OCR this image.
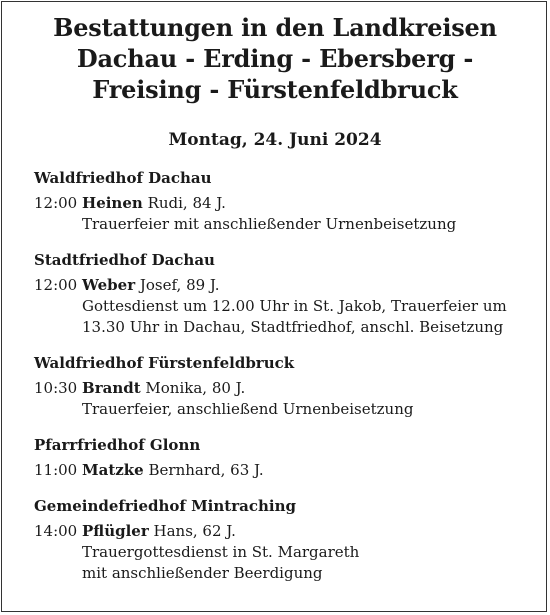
Bestattungen in den Landkreisen

Dachau - Erding - Ebersberg -

Freising - Fürstenfeldbruck

Montag, 24. Juni 2024

Waldfriedhof Dachau

12:00 Heinen Rudi, 84 J.
Trauerfeier mit anschließender Urnenbeisetzung

Stadtfriedhof Dachau

12:00 Weber Josef, 89 J.
Gottesdienst um 12.00 Uhr in St. Jakob, Trauerfeier um
13.30 Uhr in Dachau, Stadtfriedhof, anschl. Beisetzung

Waldfriedhof Fürstenfeldbruck

10:30 Brandt Monika, 80 J.
Trauerfeier, anschließend Urnenbeisetzung

Pfarrfriedhof Glonn

11:00 Matzke Bernhard, 63 J.

Gemeindefriedhof Mintraching

14:00 Pflügler Hans, 62 J.
Trauergottesdienst in St. Margareth
mit anschließender Beerdigung
